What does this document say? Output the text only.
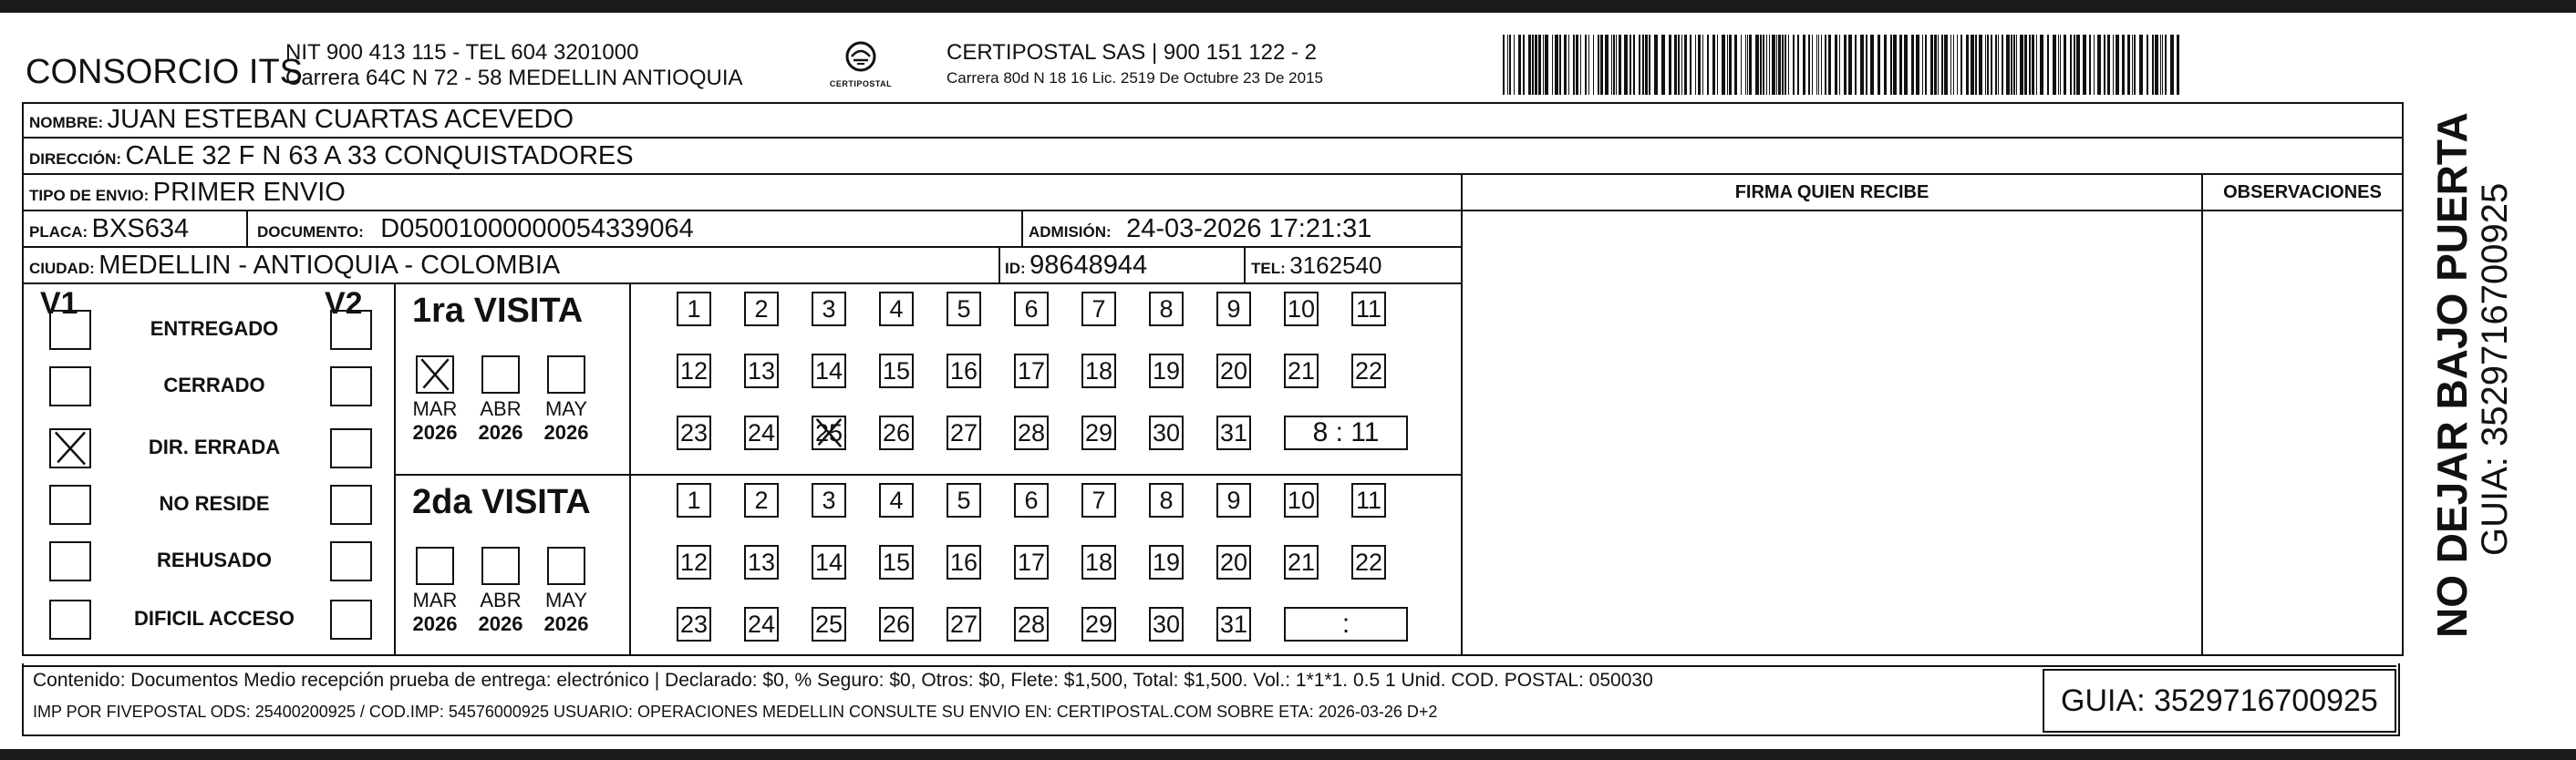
CONSORCIO ITS
NIT 900 413 115 - TEL 604 3201000
Carrera 64C N 72 - 58 MEDELLIN ANTIOQUIA	CERTIPOSTAL
CERTIPOSTAL SAS | 900 151 122 - 2
Carrera 80d N 18 16 Lic. 2519 De Octubre 23 De 2015
NOMBRE: JUAN ESTEBAN CUARTAS ACEVEDO
DIRECCIÓN: CALE 32 F N 63 A 33 CONQUISTADORES
TIPO DE ENVIO: PRIMER ENVIO	FIRMA QUIEN RECIBE	OBSERVACIONES
PLACA: BXS634	DOCUMENTO: D05001000000054339064	ADMISIÓN: 24-03-2026 17:21:31
CIUDAD: MEDELLIN - ANTIOQUIA - COLOMBIA	ID: 98648944	TEL: 3162540
V1	V2
ENTREGADO
CERRADO
DIR. ERRADA
NO RESIDE
REHUSADO
DIFICIL ACCESO
1ra VISITA
MAR
2026
ABR
2026
MAY
2026
1	2	3	4	5	6	7	8	9	10 11
12 13 14 15 16 17 18 19 20 21 22
23 24 25 26 27 28 29 30 31	8 : 11
2da VISITA
MAR
2026
ABR
2026
MAY
2026
1	2	3	4	5	6	7	8	9	10 11
12 13 14 15 16 17 18 19 20 21 22
23 24 25 26 27 28 29 30 31	:
Contenido: Documentos Medio recepción prueba de entrega: electrónico | Declarado: $0, % Seguro: $0, Otros: $0, Flete: $1,500, Total: $1,500. Vol.: 1*1*1. 0.5 1 Unid. COD. POSTAL: 050030
IMP POR FIVEPOSTAL ODS: 25400200925 / COD.IMP: 54576000925 USUARIO: OPERACIONES MEDELLIN CONSULTE SU ENVIO EN: CERTIPOSTAL.COM SOBRE ETA: 2026-03-26 D+2	GUIA: 3529716700925
NO DEJAR BAJO PUERTA GUIA: 3529716700925
